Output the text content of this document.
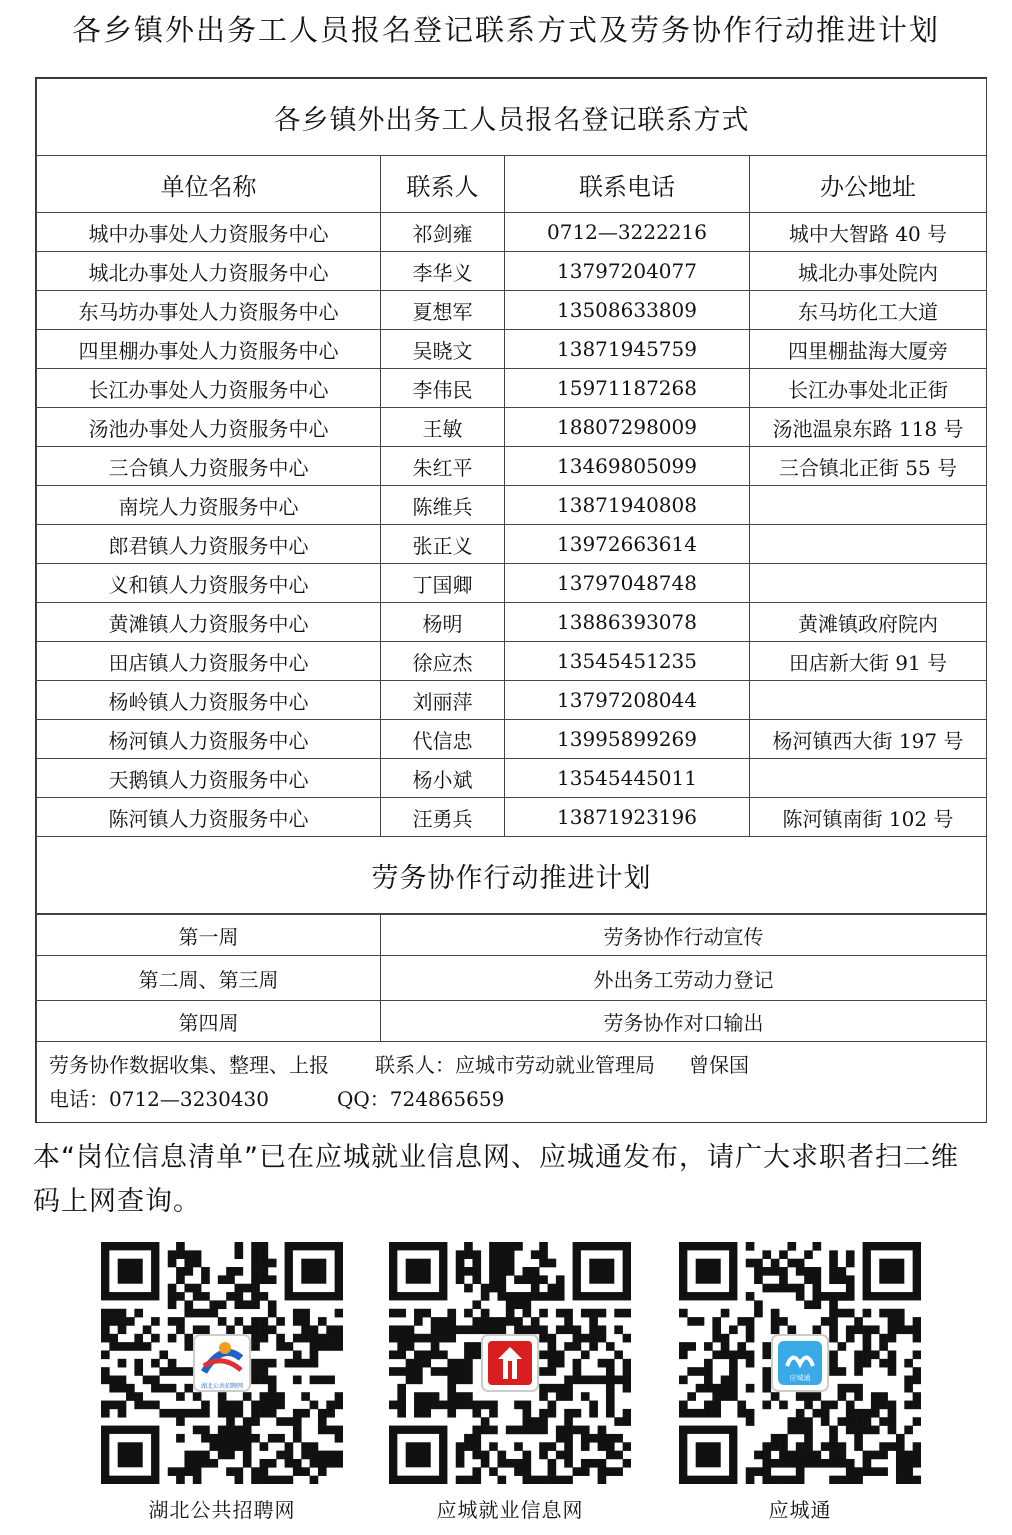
各乡镇外出务工人员报名登记联系方式及劳务协作行动推进计划
各乡镇外出务工人员报名登记联系方式			
单位名称	联系人	联系电话	办公地址
城中办事处人力资服务中心	祁剑雍	0712—3222216	城中大智路 40 号
城北办事处人力资服务中心	李华义	13797204077	城北办事处院内
东马坊办事处人力资服务中心	夏想军	13508633809	东马坊化工大道
四里棚办事处人力资服务中心	吴晓文	13871945759	四里棚盐海大厦旁
长江办事处人力资服务中心	李伟民	15971187268	长江办事处北正街
汤池办事处人力资服务中心	王敏	18807298009	汤池温泉东路 118 号
三合镇人力资服务中心	朱红平	13469805099	三合镇北正街 55 号
南垸人力资服务中心	陈维兵	13871940808	
郎君镇人力资服务中心	张正义	13972663614	
义和镇人力资服务中心	丁国卿	13797048748	
黄滩镇人力资服务中心	杨明	13886393078	黄滩镇政府院内
田店镇人力资服务中心	徐应杰	13545451235	田店新大街 91 号
杨岭镇人力资服务中心	刘丽萍	13797208044	
杨河镇人力资服务中心	代信忠	13995899269	杨河镇西大街 197 号
天鹅镇人力资服务中心	杨小斌	13545445011	
陈河镇人力资服务中心	汪勇兵	13871923196	陈河镇南街 102 号
劳务协作行动推进计划			
第一周	劳务协作行动宣传
第二周、第三周	外出务工劳动力登记
第四周	劳务协作对口输出
劳务协作数据收集、整理、上报 联系人：应城市劳动就业管理局 曾保国
电话：0712—3230430 QQ：724865659	
本“岗位信息清单”已在应城就业信息网、应城通发布，请广大求职者扫二维码上网查询。
湖北公共招聘网
湖北公共招聘网	应城就业信息网
应城通
应城通
